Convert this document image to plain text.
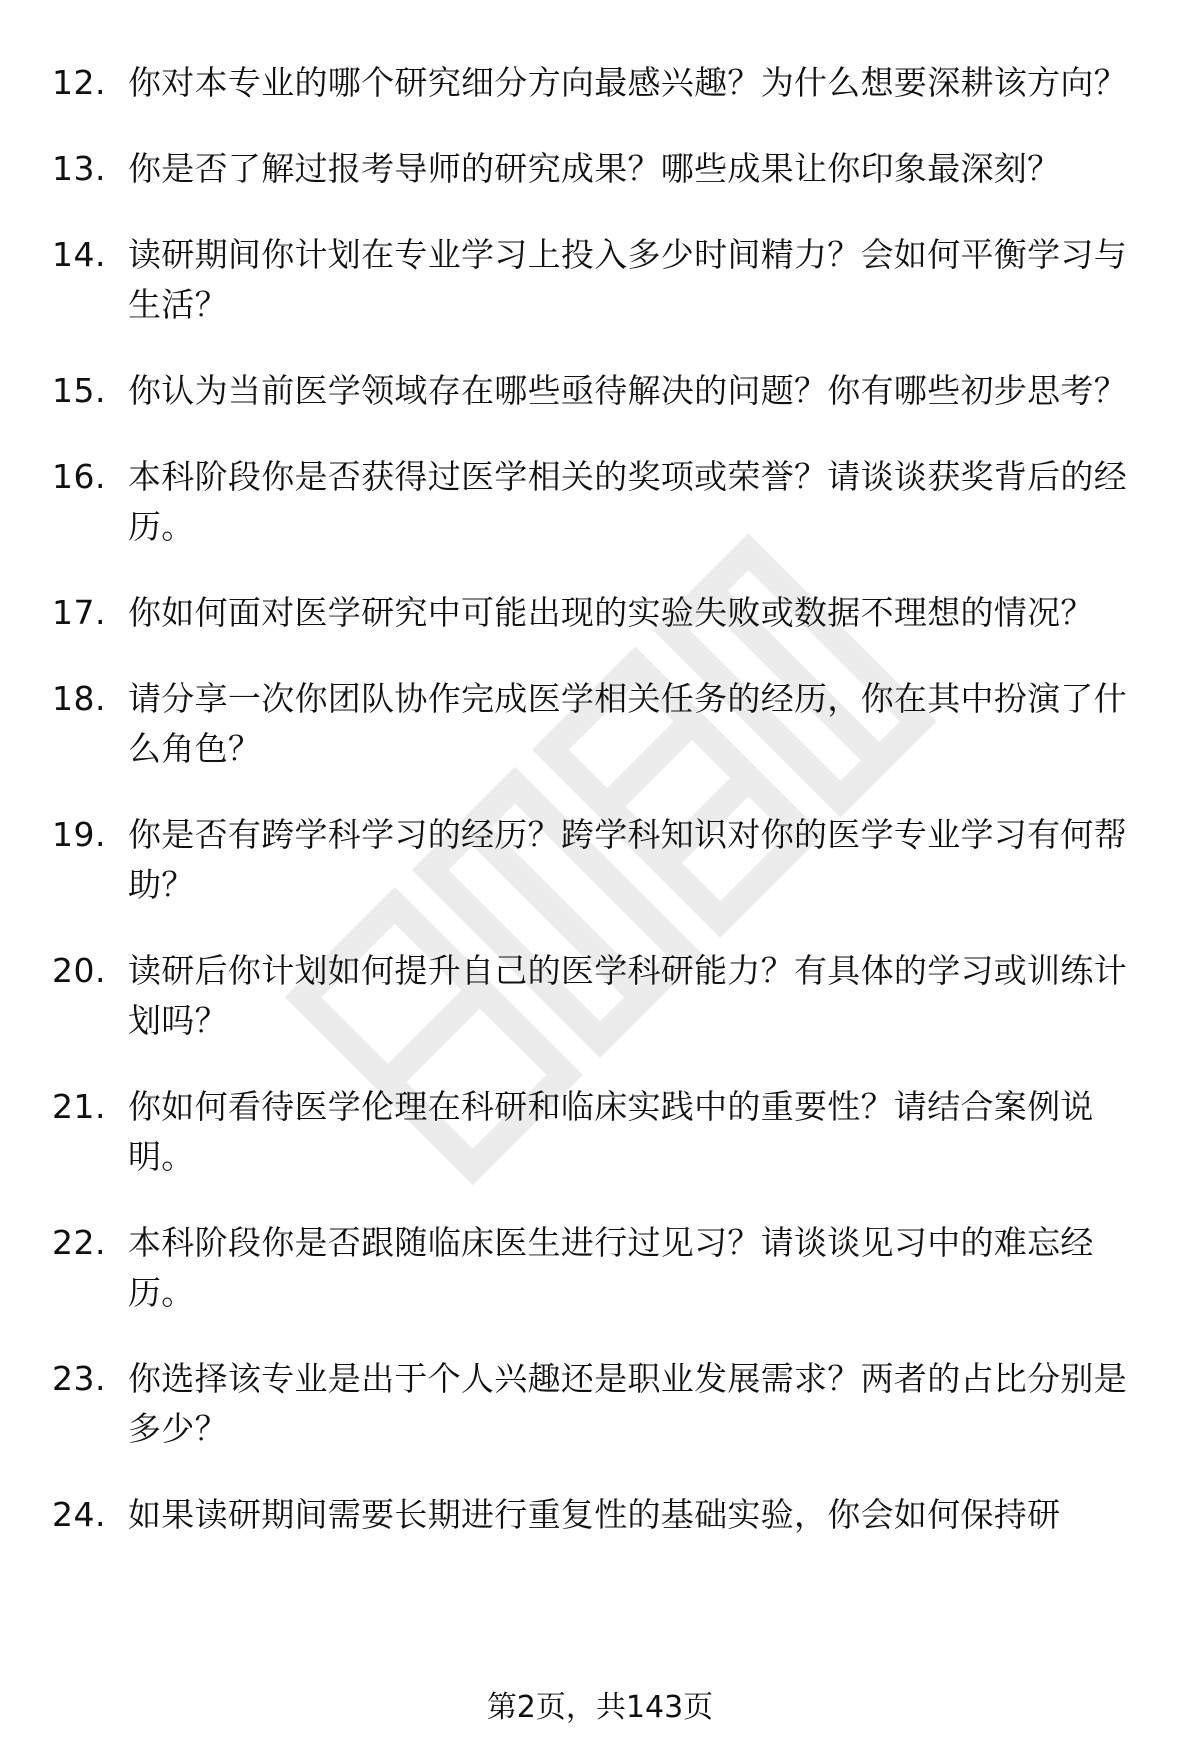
12. 你对本专业的哪个研究细分方向最感兴趣？为什么想要深耕该方向？
13. 你是否了解过报考导师的研究成果？哪些成果让你印象最深刻？
14. 读研期间你计划在专业学习上投入多少时间精力？会如何平衡学习与生活？
15. 你认为当前医学领域存在哪些亟待解决的问题？你有哪些初步思考？
16. 本科阶段你是否获得过医学相关的奖项或荣誉？请谈谈获奖背后的经历。
17. 你如何面对医学研究中可能出现的实验失败或数据不理想的情况？
18. 请分享一次你团队协作完成医学相关任务的经历，你在其中扮演了什么角色？
19. 你是否有跨学科学习的经历？跨学科知识对你的医学专业学习有何帮助？
20. 读研后你计划如何提升自己的医学科研能力？有具体的学习或训练计划吗？
21. 你如何看待医学伦理在科研和临床实践中的重要性？请结合案例说明。
22. 本科阶段你是否跟随临床医生进行过见习？请谈谈见习中的难忘经历。
23. 你选择该专业是出于个人兴趣还是职业发展需求？两者的占比分别是多少？
24. 如果读研期间需要长期进行重复性的基础实验，你会如何保持研
第2页，共143页
